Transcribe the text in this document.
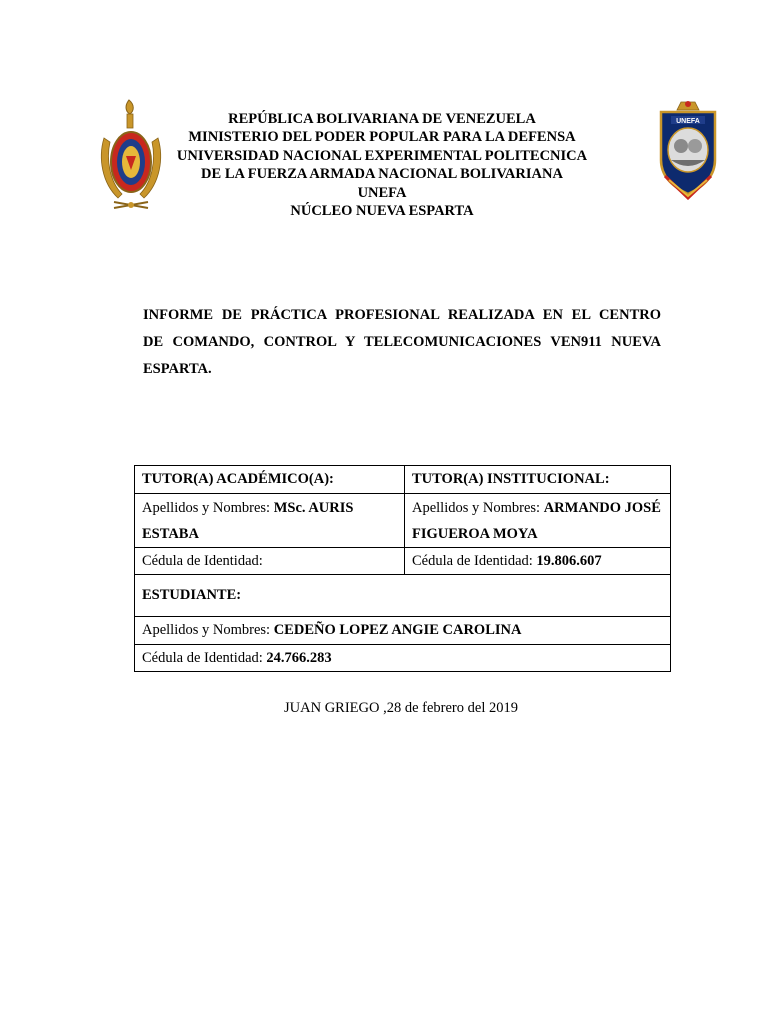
UNEFA
REPÚBLICA BOLIVARIANA DE VENEZUELA
MINISTERIO DEL PODER POPULAR PARA LA DEFENSA
UNIVERSIDAD NACIONAL EXPERIMENTAL POLITECNICA
DE LA FUERZA ARMADA NACIONAL BOLIVARIANA
UNEFA
NÚCLEO NUEVA ESPARTA
INFORME DE PRÁCTICA PROFESIONAL REALIZADA EN EL CENTRO
DE COMANDO, CONTROL Y TELECOMUNICACIONES VEN911 NUEVA
ESPARTA.
TUTOR(A) ACADÉMICO(A):	TUTOR(A) INSTITUCIONAL:
Apellidos y Nombres: MSc. AURIS ESTABA	Apellidos y Nombres: ARMANDO JOSÉ FIGUEROA MOYA
Cédula de Identidad:	Cédula de Identidad: 19.806.607
ESTUDIANTE:	
Apellidos y Nombres: CEDEÑO LOPEZ ANGIE CAROLINA	
Cédula de Identidad: 24.766.283	
JUAN GRIEGO ,28 de febrero del 2019
